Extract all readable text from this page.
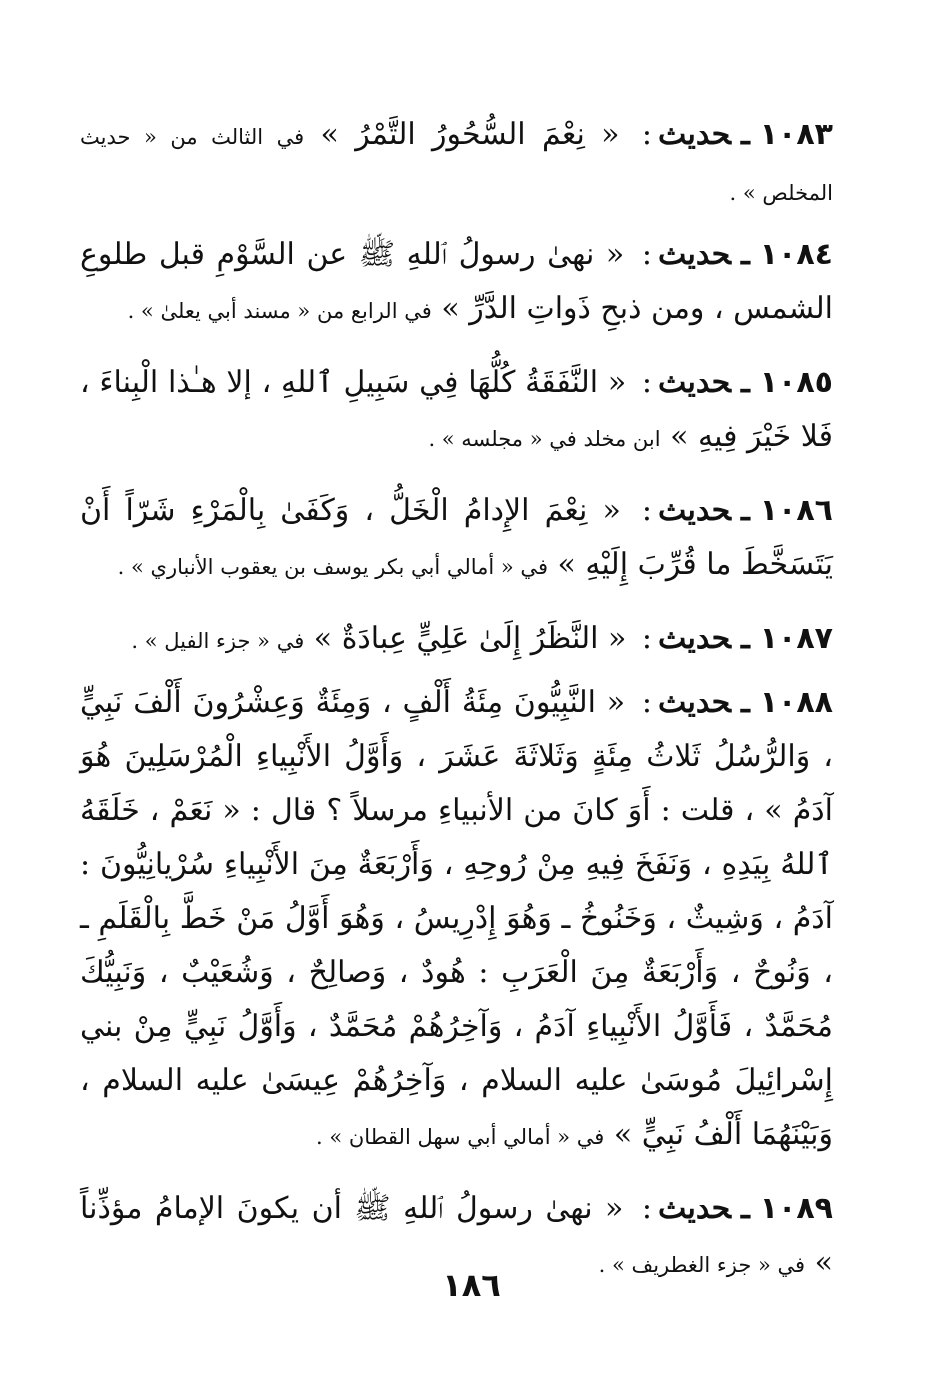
١٠٨٣ـحديث: « نِعْمَ السُّحُورُ التَّمْرُ » في الثالث من « حديث المخلص » .
١٠٨٤ـحديث: « نهىٰ رسولُ ٱللهِ ﷺ عن السَّوْمِ قبل طلوعِ الشمس ، ومن ذبحِ ذَواتِ الدَّرِّ » في الرابع من « مسند أبي يعلىٰ » .
١٠٨٥ـحديث: « النَّفَقَةُ كُلُّهَا فِي سَبِيلِ ٱللهِ ، إلا هـٰذا الْبِناءَ ، فَلا خَيْرَ فِيهِ » ابن مخلد في « مجلسه » .
١٠٨٦ـحديث: « نِعْمَ الإِدامُ الْخَلُّ ، وَكَفَىٰ بِالْمَرْءِ شَرّاً أَنْ يَتَسَخَّطَ ما قُرِّبَ إِلَيْهِ » في « أمالي أبي بكر يوسف بن يعقوب الأنباري » .
١٠٨٧ـحديث: « النَّظَرُ إِلَىٰ عَلِيٍّ عِبادَةٌ » في « جزء الفيل » .
١٠٨٨ـحديث: « النَّبِيُّونَ مِئَةُ أَلْفٍ ، وَمِئَةٌ وَعِشْرُونَ أَلْفَ نَبِيٍّ ، وَالرُّسُلُ ثَلاثُ مِئَةٍ وَثَلاثَةَ عَشَرَ ، وَأَوَّلُ الأَنْبِياءِ الْمُرْسَلِينَ هُوَ آدَمُ » ، قلت : أَوَ كانَ من الأنبياءِ مرسلاً ؟ قال : « نَعَمْ ، خَلَقَهُ ٱللهُ بِيَدِهِ ، وَنَفَخَ فِيهِ مِنْ رُوحِهِ ، وَأَرْبَعَةٌ مِنَ الأَنْبِياءِ سُرْيانِيُّونَ : آدَمُ ، وَشِيثٌ ، وَخَنُوخُ ـ وَهُوَ إِدْرِيسُ ، وَهُوَ أَوَّلُ مَنْ خَطَّ بِالْقَلَمِ ـ ، وَنُوحٌ ، وَأَرْبَعَةٌ مِنَ الْعَرَبِ : هُودٌ ، وَصالِحٌ ، وَشُعَيْبٌ ، وَنَبِيُّكَ مُحَمَّدٌ ، فَأَوَّلُ الأَنْبِياءِ آدَمُ ، وَآخِرُهُمْ مُحَمَّدٌ ، وَأَوَّلُ نَبِيٍّ مِنْ بني إِسْرائِيلَ مُوسَىٰ عليه السلام ، وَآخِرُهُمْ عِيسَىٰ عليه السلام ، وَبَيْنَهُمَا أَلْفُ نَبِيٍّ » في « أمالي أبي سهل القطان » .
١٠٨٩ـحديث: « نهىٰ رسولُ ٱللهِ ﷺ أن يكونَ الإمامُ مؤذِّناً » في « جزء الغطريف » .
١٨٦
